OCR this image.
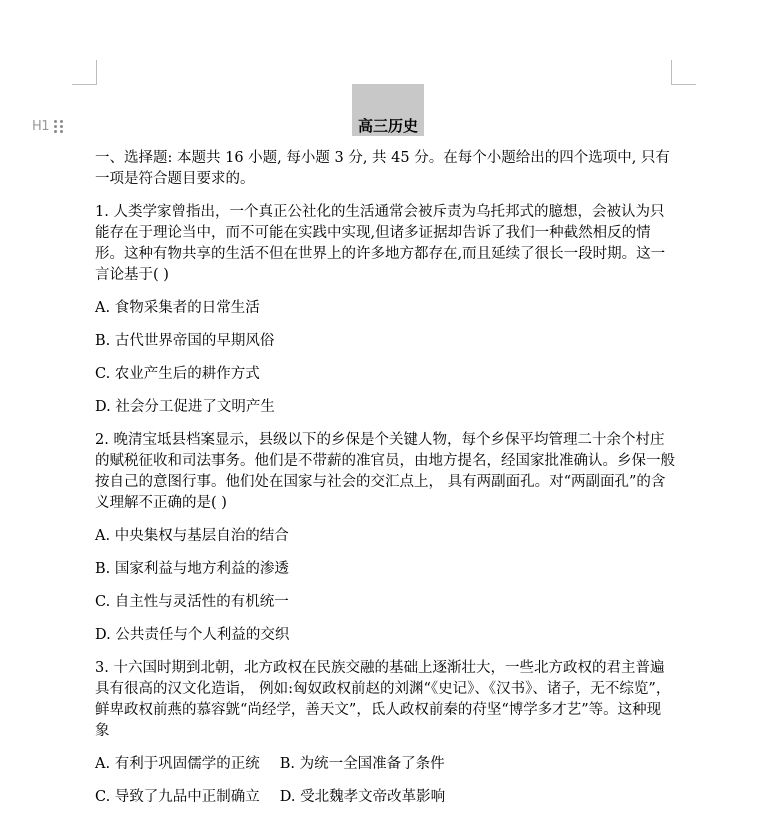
H1	高三历史

一、选择题: 本题共 16 小题, 每小题 3 分, 共 45 分。在每个小题给出的四个选项中, 只有一项是符合题目要求的。

1. 人类学家曾指出，一个真正公社化的生活通常会被斥责为乌托邦式的臆想，会被认为只能存在于理论当中，而不可能在实践中实现,但诸多证据却告诉了我们一种截然相反的情形。这种有物共享的生活不但在世界上的许多地方都存在,而且延续了很长一段时期。这一言论基于( )

A. 食物采集者的日常生活

B. 古代世界帝国的早期风俗

C. 农业产生后的耕作方式

D. 社会分工促进了文明产生

2. 晚清宝坻县档案显示，县级以下的乡保是个关键人物，每个乡保平均管理二十余个村庄的赋税征收和司法事务。他们是不带薪的准官员，由地方提名，经国家批准确认。乡保一般按自己的意图行事。他们处在国家与社会的交汇点上， 具有两副面孔。对“两副面孔”的含义理解不正确的是( )

A. 中央集权与基层自治的结合

B. 国家利益与地方利益的渗透

C. 自主性与灵活性的有机统一

D. 公共责任与个人利益的交织

3. 十六国时期到北朝，北方政权在民族交融的基础上逐渐壮大，一些北方政权的君主普遍具有很高的汉文化造诣， 例如:匈奴政权前赵的刘渊“《史记》、《汉书》、诸子，无不综览”，鲜卑政权前燕的慕容皝“尚经学，善天文”，氐人政权前秦的苻坚“博学多才艺”等。这种现象

A. 有利于巩固儒学的正统 B. 为统一全国准备了条件

C. 导致了九品中正制确立 D. 受北魏孝文帝改革影响
